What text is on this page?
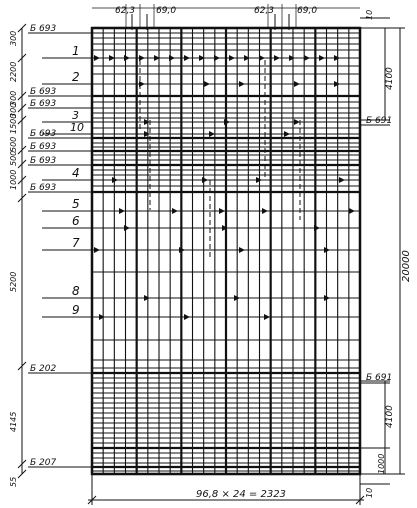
62,3 69,0	62,3	69,0
300
2200
300
300
1500
500
500
1000
5200
4145
55
Б 693
Б 693
Б 693
Б 693
Б 693
Б 693
Б 693
Б 202
Б 207
1
2
3
10
4
5
6
7
8
9
10
4100
20000
4100
1000
10
Б 691
Б 691
96,8 × 24 = 2323
